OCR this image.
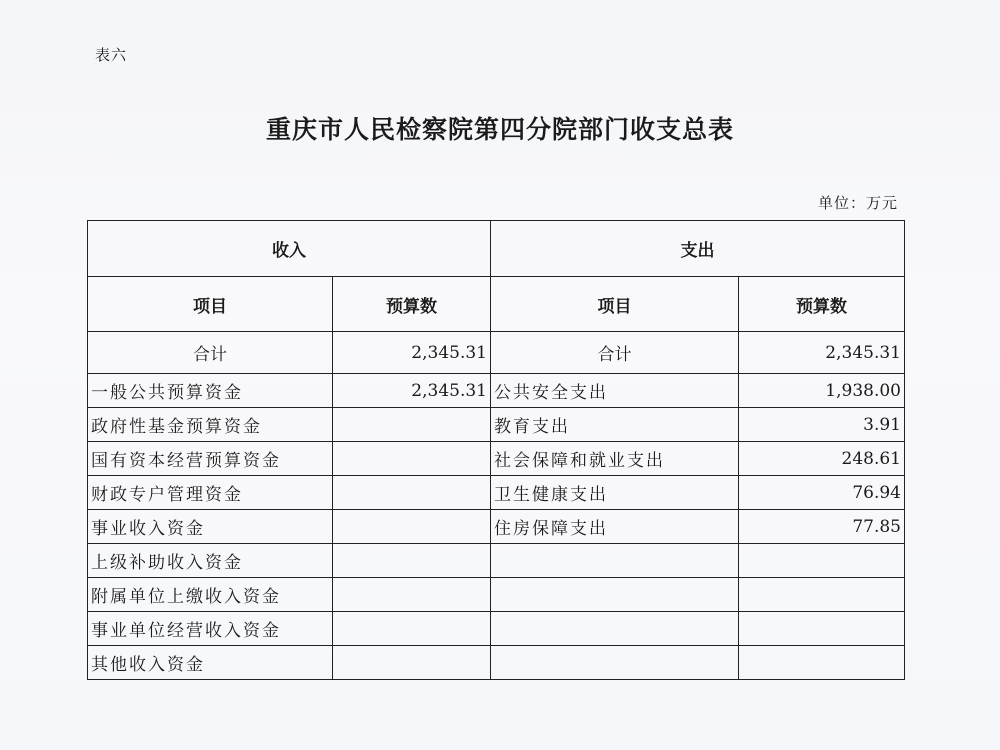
表六
重庆市人民检察院第四分院部门收支总表
单位：万元
收入		支出	
项目	预算数	项目	预算数
合计	2,345.31	合计	2,345.31
一般公共预算资金	2,345.31	公共安全支出	1,938.00
政府性基金预算资金		教育支出	3.91
国有资本经营预算资金		社会保障和就业支出	248.61
财政专户管理资金		卫生健康支出	76.94
事业收入资金		住房保障支出	77.85
上级补助收入资金			
附属单位上缴收入资金			
事业单位经营收入资金			
其他收入资金			
